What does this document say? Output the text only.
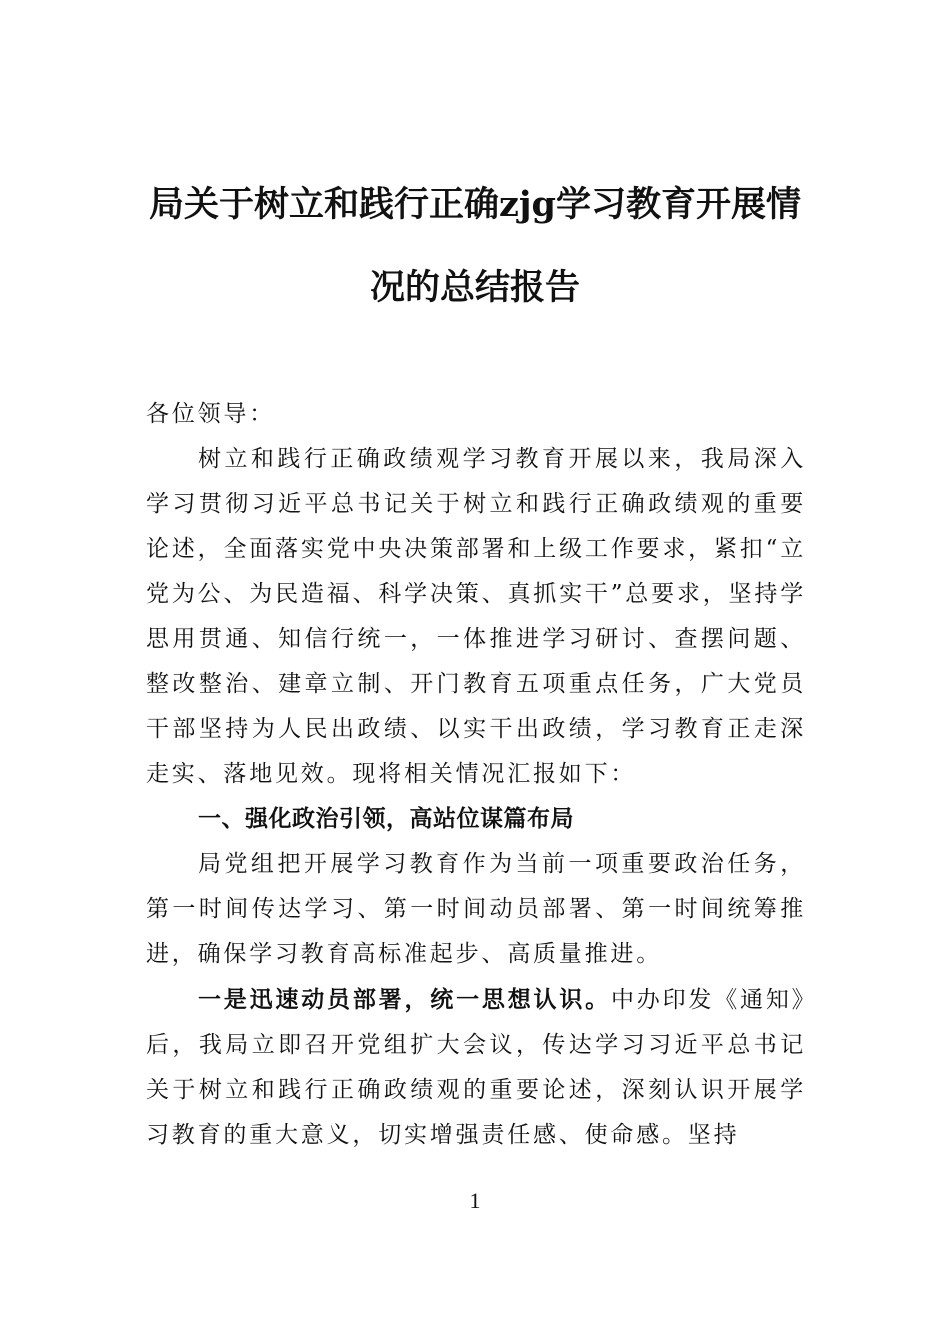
局关于树立和践行正确zjg学习教育开展情
况的总结报告

各位领导：

树立和践行正确政绩观学习教育开展以来，我局深入学习贯彻习近平总书记关于树立和践行正确政绩观的重要论述，全面落实党中央决策部署和上级工作要求，紧扣“立党为公、为民造福、科学决策、真抓实干”总要求，坚持学思用贯通、知信行统一，一体推进学习研讨、查摆问题、整改整治、建章立制、开门教育五项重点任务，广大党员干部坚持为人民出政绩、以实干出政绩，学习教育正走深走实、落地见效。现将相关情况汇报如下：

一、强化政治引领，高站位谋篇布局

局党组把开展学习教育作为当前一项重要政治任务，第一时间传达学习、第一时间动员部署、第一时间统筹推进，确保学习教育高标准起步、高质量推进。

一是迅速动员部署，统一思想认识。中办印发《通知》后，我局立即召开党组扩大会议，传达学习习近平总书记关于树立和践行正确政绩观的重要论述，深刻认识开展学习教育的重大意义，切实增强责任感、使命感。坚持

1
